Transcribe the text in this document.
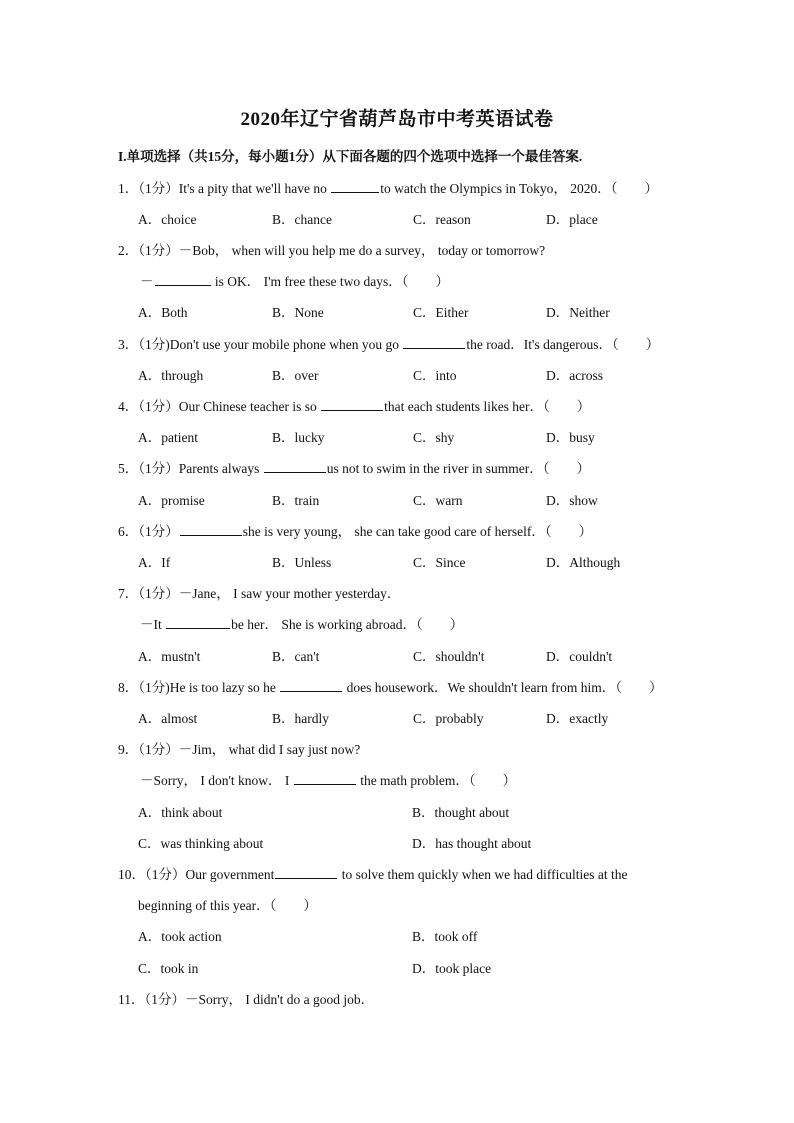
2020年辽宁省葫芦岛市中考英语试卷
I.单项选择（共15分，每小题1分）从下面各题的四个选项中选择一个最佳答案.
1．（1分）It's a pity that we'll have no	to watch the Olympics in Tokyo， 2020．（　　）
A．choice	B．chance	C．reason	D．place
2．（1分）－Bob， when will you help me do a survey， today or tomorrow?
－	is OK． I'm free these two days．（　　）
A．Both	B．None	C．Either	D．Neither
3．（1分)Don't use your mobile phone when you go	the road．It's dangerous．（　　）
A．through	B．over	C．into	D．across
4．（1分）Our Chinese teacher is so	that each students likes her．（　　）
A．patient	B．lucky	C．shy	D．busy
5．（1分）Parents always	us not to swim in the river in summer．（　　）
A．promise	B．train	C．warn	D．show
6．（1分）	she is very young， she can take good care of herself．（　　）
A．If	B．Unless	C．Since	D．Although
7．（1分）－Jane， I saw your mother yesterday．
－It	be her． She is working abroad．（　　）
A．mustn't	B．can't	C．shouldn't	D．couldn't
8．（1分)He is too lazy so he	does housework．We shouldn't learn from him．（　　）
A．almost	B．hardly	C．probably	D．exactly
9．（1分）－Jim， what did I say just now?
－Sorry， I don't know． I	the math problem．（　　）
A．think about	B．thought about
C．was thinking about	D．has thought about
10．（1分）Our government	to solve them quickly when we had difficulties at the
beginning of this year．（　　）
A．took action	B．took off
C．took in	D．took place
11．（1分）－Sorry， I didn't do a good job．
